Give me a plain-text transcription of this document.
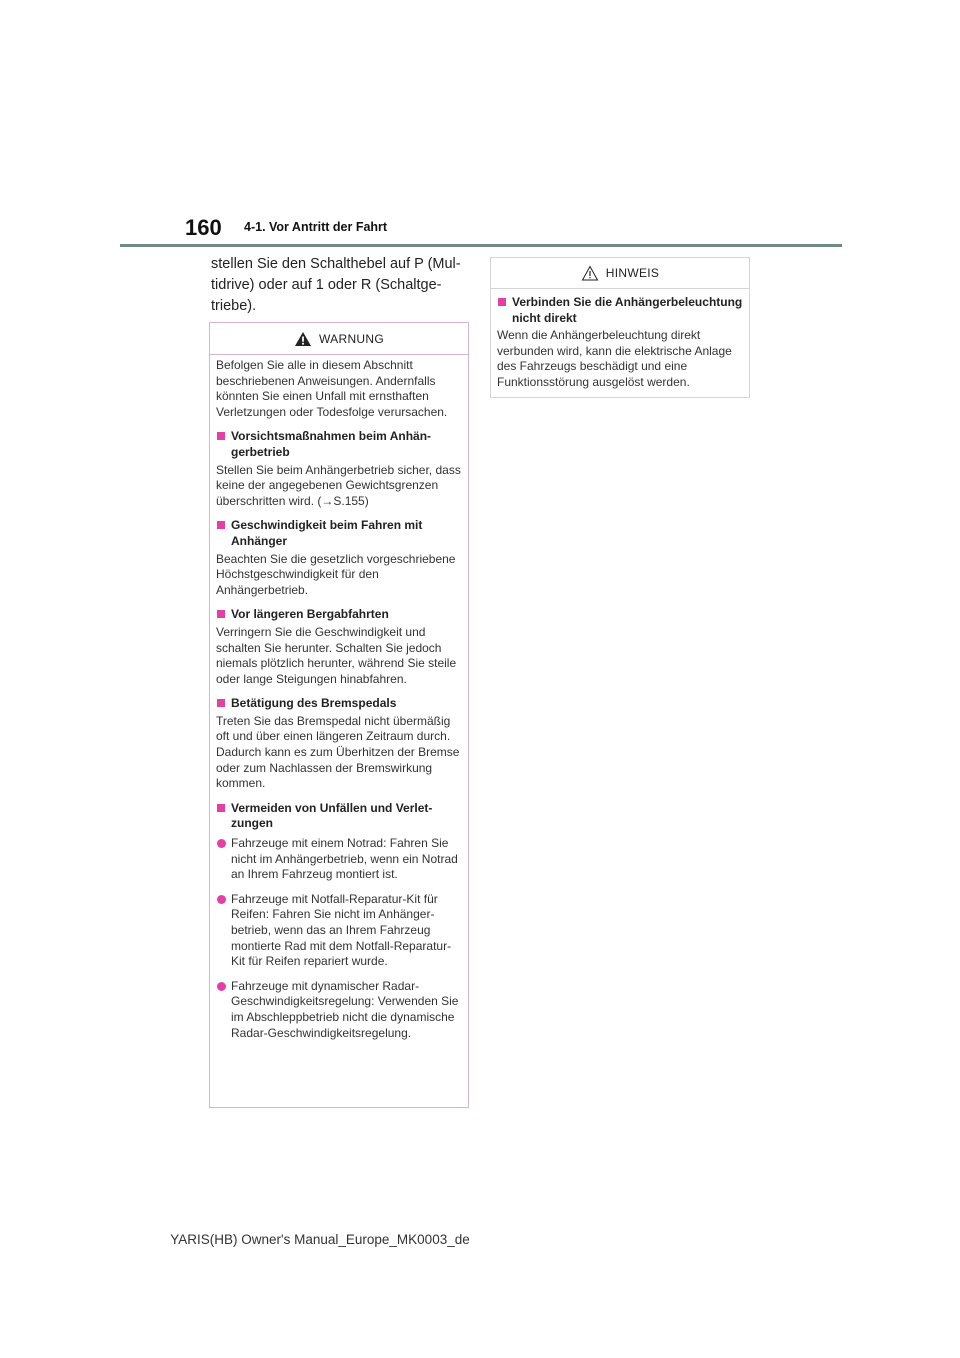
160 4-1. Vor Antritt der Fahrt

stellen Sie den Schalthebel auf P (Multidrive) oder auf 1 oder R (Schaltgetriebe).

WARNUNG

Befolgen Sie alle in diesem Abschnitt beschriebenen Anweisungen. Andernfalls könnten Sie einen Unfall mit ernsthaften Verletzungen oder Todesfolge verursachen.

Vorsichtsmaßnahmen beim Anhängerbetrieb

Stellen Sie beim Anhängerbetrieb sicher, dass keine der angegebenen Gewichtsgrenzen überschritten wird. (→S.155)

Geschwindigkeit beim Fahren mit Anhänger

Beachten Sie die gesetzlich vorgeschriebene Höchstgeschwindigkeit für den Anhängerbetrieb.

Vor längeren Bergabfahrten

Verringern Sie die Geschwindigkeit und schalten Sie herunter. Schalten Sie jedoch niemals plötzlich herunter, während Sie steile oder lange Steigungen hinabfahren.

Betätigung des Bremspedals

Treten Sie das Bremspedal nicht übermäßig oft und über einen längeren Zeitraum durch. Dadurch kann es zum Überhitzen der Bremse oder zum Nachlassen der Bremswirkung kommen.

Vermeiden von Unfällen und Verletzungen
Fahrzeuge mit einem Notrad: Fahren Sie nicht im Anhängerbetrieb, wenn ein Notrad an Ihrem Fahrzeug montiert ist.
Fahrzeuge mit Notfall-Reparatur-Kit für Reifen: Fahren Sie nicht im Anhängerbetrieb, wenn das an Ihrem Fahrzeug montierte Rad mit dem Notfall-Reparatur-Kit für Reifen repariert wurde.
Fahrzeuge mit dynamischer Radar-Geschwindigkeitsregelung: Verwenden Sie im Abschleppbetrieb nicht die dynamische Radar-Geschwindigkeitsregelung.
HINWEIS
Verbinden Sie die Anhängerbeleuchtung nicht direkt

Wenn die Anhängerbeleuchtung direkt verbunden wird, kann die elektrische Anlage des Fahrzeugs beschädigt und eine Funktionsstörung ausgelöst werden.

YARIS(HB) Owner's Manual_Europe_MK0003_de
